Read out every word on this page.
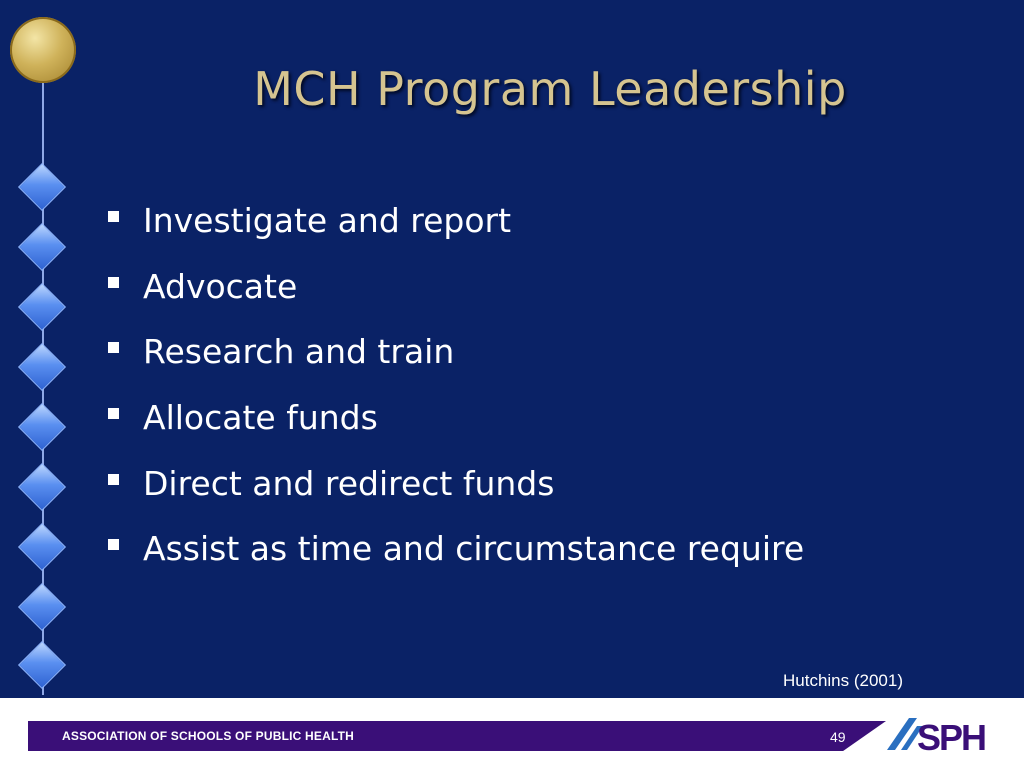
MCH Program Leadership
Investigate and report
Advocate
Research and train
Allocate funds
Direct and redirect funds
Assist as time and circumstance require
Hutchins (2001)
ASSOCIATION OF SCHOOLS OF PUBLIC HEALTH	49 SPH
